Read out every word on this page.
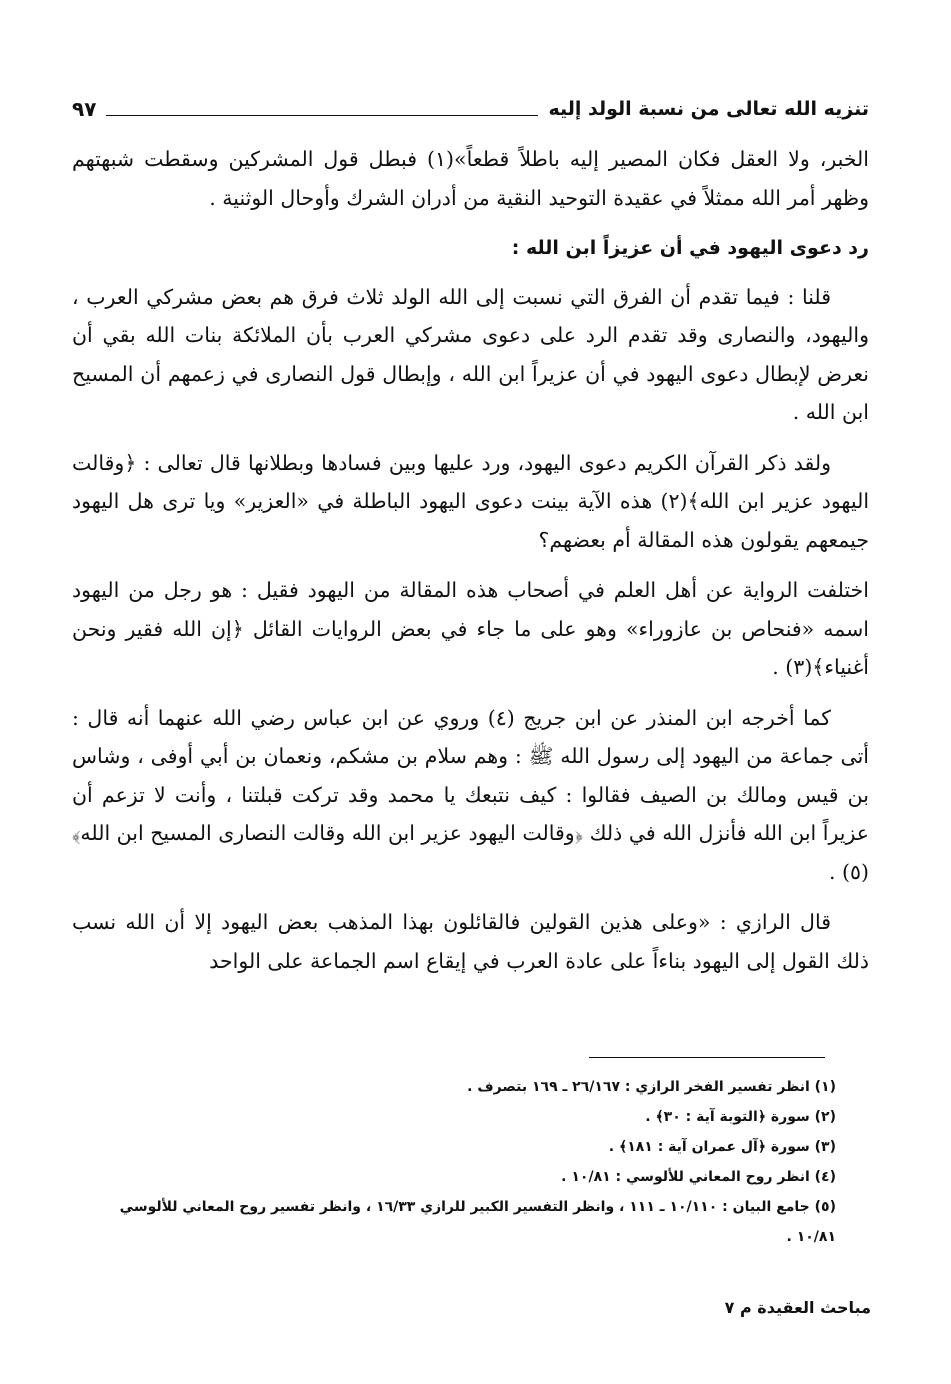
تنزيه الله تعالى من نسبة الولد إليه
٩٧

الخبر، ولا العقل فكان المصير إليه باطلاً قطعاً»(١) فبطل قول المشركين وسقطت شبهتهم وظهر أمر الله ممثلاً في عقيدة التوحيد النقية من أدران الشرك وأوحال الوثنية .

رد دعوى اليهود في أن عزيزاً ابن الله :

قلنا : فيما تقدم أن الفرق التي نسبت إلى الله الولد ثلاث فرق هم بعض مشركي العرب ، واليهود، والنصارى وقد تقدم الرد على دعوى مشركي العرب بأن الملائكة بنات الله بقي أن نعرض لإبطال دعوى اليهود في أن عزيراً ابن الله ، وإبطال قول النصارى في زعمهم أن المسيح ابن الله .

ولقد ذكر القرآن الكريم دعوى اليهود، ورد عليها وبين فسادها وبطلانها قال تعالى : ﴿وقالت اليهود عزير ابن الله﴾(٢) هذه الآية بينت دعوى اليهود الباطلة في «العزير» ويا ترى هل اليهود جيمعهم يقولون هذه المقالة أم بعضهم؟

اختلفت الرواية عن أهل العلم في أصحاب هذه المقالة من اليهود فقيل : هو رجل من اليهود اسمه «فنحاص بن عازوراء» وهو على ما جاء في بعض الروايات القائل ﴿إن الله فقير ونحن أغنياء﴾(٣) .

كما أخرجه ابن المنذر عن ابن جريج (٤) وروي عن ابن عباس رضي الله عنهما أنه قال : أتى جماعة من اليهود إلى رسول الله ﷺ : وهم سلام بن مشكم، ونعمان بن أبي أوفى ، وشاس بن قيس ومالك بن الصيف فقالوا : كيف نتبعك يا محمد وقد تركت قبلتنا ، وأنت لا تزعم أن عزيراً ابن الله فأنزل الله في ذلك ﴿وقالت اليهود عزير ابن الله وقالت النصارى المسيح ابن الله﴾(٥) .

قال الرازي : «وعلى هذين القولين فالقائلون بهذا المذهب بعض اليهود إلا أن الله نسب ذلك القول إلى اليهود بناءاً على عادة العرب في إيقاع اسم الجماعة على الواحد

(١) انظر تفسير الفخر الرازي : ٢٦/١٦٧ ـ ١٦٩ بتصرف .

(٢) سورة ﴿التوبة آية : ٣٠﴾ .

(٣) سورة ﴿آل عمران آية : ١٨١﴾ .

(٤) انظر روح المعاني للألوسي : ١٠/٨١ .

(٥) جامع البيان : ١٠/١١٠ ـ ١١١ ، وانظر التفسير الكبير للرازي ١٦/٣٣ ، وانظر تفسير روح المعاني للألوسي ١٠/٨١ .

مباحث العقيدة م ٧
